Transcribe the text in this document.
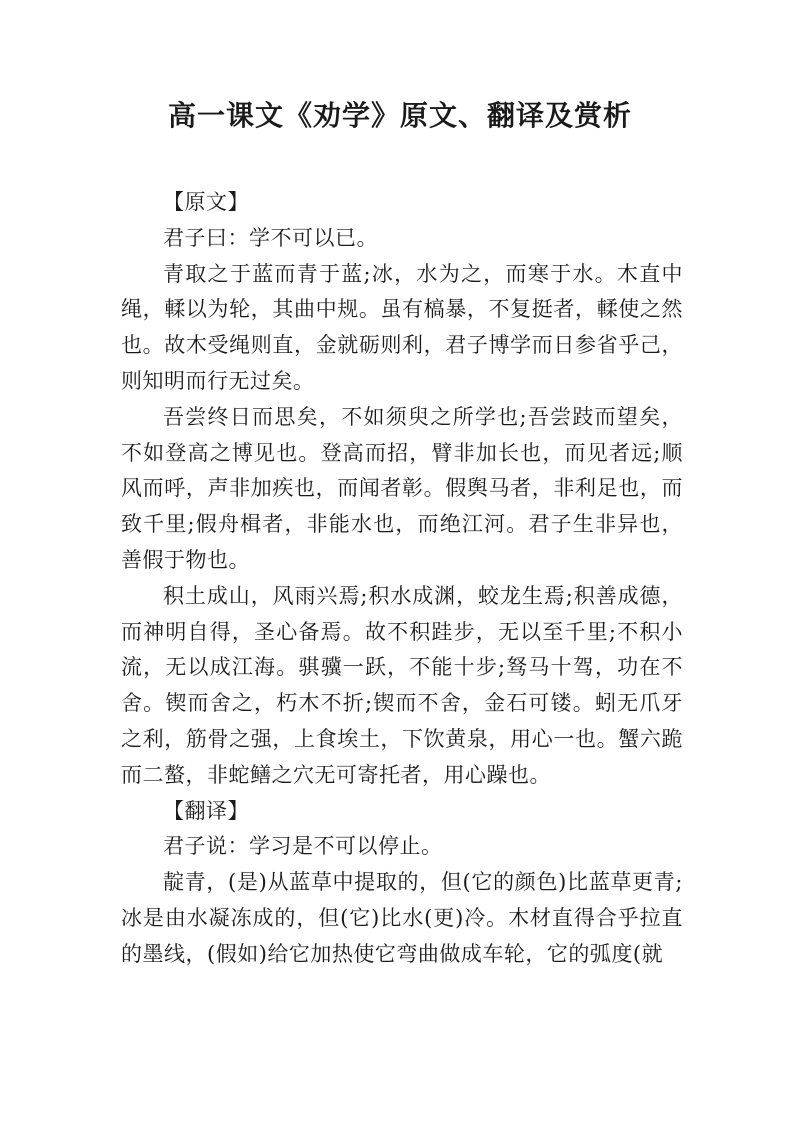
高一课文《劝学》原文、翻译及赏析

【原文】

君子曰：学不可以已。

青取之于蓝而青于蓝;冰，水为之，而寒于水。木直中绳，輮以为轮，其曲中规。虽有槁暴，不复挺者，輮使之然也。故木受绳则直，金就砺则利，君子博学而日参省乎己，则知明而行无过矣。

吾尝终日而思矣，不如须臾之所学也;吾尝跂而望矣，不如登高之博见也。登高而招，臂非加长也，而见者远;顺风而呼，声非加疾也，而闻者彰。假舆马者，非利足也，而致千里;假舟楫者，非能水也，而绝江河。君子生非异也，善假于物也。

积土成山，风雨兴焉;积水成渊，蛟龙生焉;积善成德，而神明自得，圣心备焉。故不积跬步，无以至千里;不积小流，无以成江海。骐骥一跃，不能十步;驽马十驾，功在不舍。锲而舍之，朽木不折;锲而不舍，金石可镂。蚓无爪牙之利，筋骨之强，上食埃土，下饮黄泉，用心一也。蟹六跪而二螯，非蛇鳝之穴无可寄托者，用心躁也。

【翻译】

君子说：学习是不可以停止。

靛青，(是)从蓝草中提取的，但(它的颜色)比蓝草更青;冰是由水凝冻成的，但(它)比水(更)冷。木材直得合乎拉直的墨线，(假如)给它加热使它弯曲做成车轮，它的弧度(就
